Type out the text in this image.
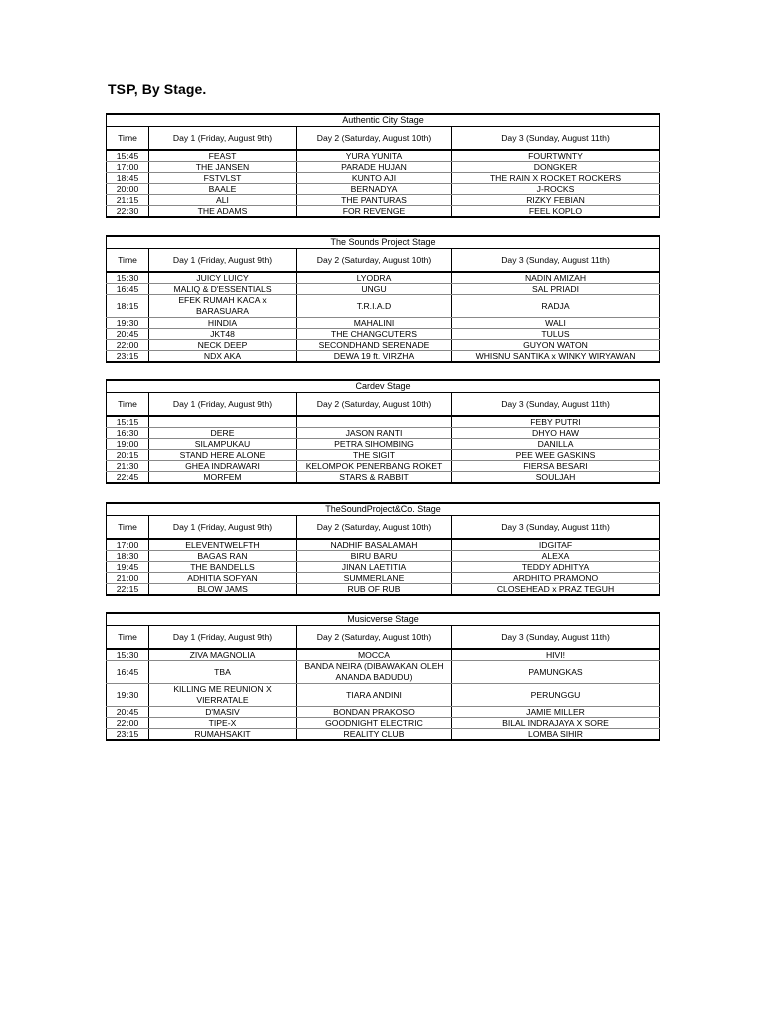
TSP, By Stage.
Authentic City Stage			
Time	Day 1 (Friday, August 9th)	Day 2 (Saturday, August 10th)	Day 3 (Sunday, August 11th)
15:45	FEAST	YURA YUNITA	FOURTWNTY
17:00	THE JANSEN	PARADE HUJAN	DONGKER
18:45	FSTVLST	KUNTO AJI	THE RAIN X ROCKET ROCKERS
20:00	BAALE	BERNADYA	J-ROCKS
21:15	ALI	THE PANTURAS	RIZKY FEBIAN
22:30	THE ADAMS	FOR REVENGE	FEEL KOPLO
The Sounds Project Stage			
Time	Day 1 (Friday, August 9th)	Day 2 (Saturday, August 10th)	Day 3 (Sunday, August 11th)
15:30	JUICY LUICY	LYODRA	NADIN AMIZAH
16:45	MALIQ & D'ESSENTIALS	UNGU	SAL PRIADI
18:15	EFEK RUMAH KACA x BARASUARA	T.R.I.A.D	RADJA
19:30	HINDIA	MAHALINI	WALI
20:45	JKT48	THE CHANGCUTERS	TULUS
22:00	NECK DEEP	SECONDHAND SERENADE	GUYON WATON
23:15	NDX AKA	DEWA 19 ft. VIRZHA	WHISNU SANTIKA x WINKY WIRYAWAN
Cardev Stage			
Time	Day 1 (Friday, August 9th)	Day 2 (Saturday, August 10th)	Day 3 (Sunday, August 11th)
15:15			FEBY PUTRI
16:30	DERE	JASON RANTI	DHYO HAW
19:00	SILAMPUKAU	PETRA SIHOMBING	DANILLA
20:15	STAND HERE ALONE	THE SIGIT	PEE WEE GASKINS
21:30	GHEA INDRAWARI	KELOMPOK PENERBANG ROKET	FIERSA BESARI
22:45	MORFEM	STARS & RABBIT	SOULJAH
TheSoundProject&Co. Stage			
Time	Day 1 (Friday, August 9th)	Day 2 (Saturday, August 10th)	Day 3 (Sunday, August 11th)
17:00	ELEVENTWELFTH	NADHIF BASALAMAH	IDGITAF
18:30	BAGAS RAN	BIRU BARU	ALEXA
19:45	THE BANDELLS	JINAN LAETITIA	TEDDY ADHITYA
21:00	ADHITIA SOFYAN	SUMMERLANE	ARDHITO PRAMONO
22:15	BLOW JAMS	RUB OF RUB	CLOSEHEAD x PRAZ TEGUH
Musicverse Stage			
Time	Day 1 (Friday, August 9th)	Day 2 (Saturday, August 10th)	Day 3 (Sunday, August 11th)
15:30	ZIVA MAGNOLIA	MOCCA	HIVI!
16:45	TBA	BANDA NEIRA (DIBAWAKAN OLEH ANANDA BADUDU)	PAMUNGKAS
19:30	KILLING ME REUNION X VIERRATALE	TIARA ANDINI	PERUNGGU
20:45	D'MASIV	BONDAN PRAKOSO	JAMIE MILLER
22:00	TIPE-X	GOODNIGHT ELECTRIC	BILAL INDRAJAYA X SORE
23:15	RUMAHSAKIT	REALITY CLUB	LOMBA SIHIR
